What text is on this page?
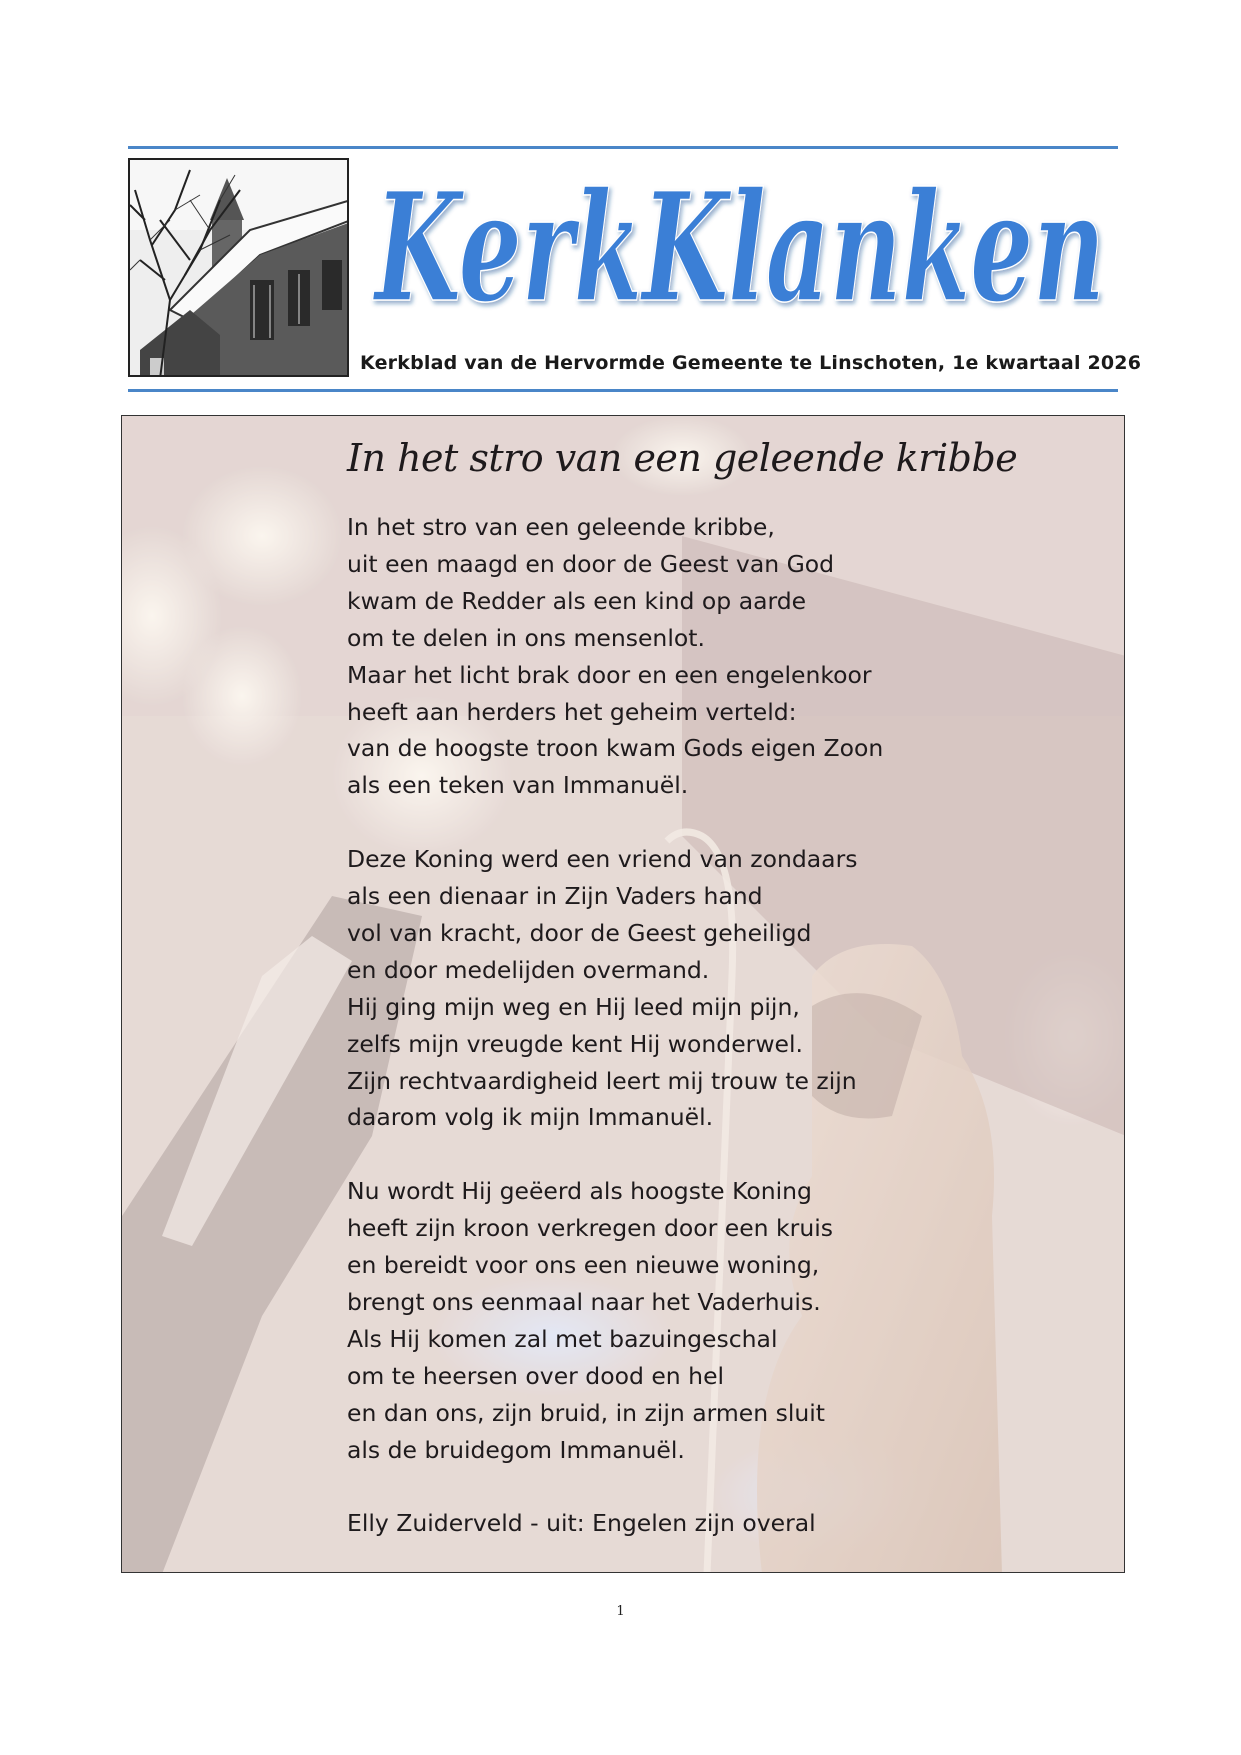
KerkKlanken
Kerkblad van de Hervormde Gemeente te Linschoten, 1e kwartaal 2026
In het stro van een geleende kribbe
In het stro van een geleende kribbe,
uit een maagd en door de Geest van God
kwam de Redder als een kind op aarde
om te delen in ons mensenlot.
Maar het licht brak door en een engelenkoor
heeft aan herders het geheim verteld:
van de hoogste troon kwam Gods eigen Zoon
als een teken van Immanuël.
Deze Koning werd een vriend van zondaars
als een dienaar in Zijn Vaders hand
vol van kracht, door de Geest geheiligd
en door medelijden overmand.
Hij ging mijn weg en Hij leed mijn pijn,
zelfs mijn vreugde kent Hij wonderwel.
Zijn rechtvaardigheid leert mij trouw te zijn
daarom volg ik mijn Immanuël.
Nu wordt Hij geëerd als hoogste Koning
heeft zijn kroon verkregen door een kruis
en bereidt voor ons een nieuwe woning,
brengt ons eenmaal naar het Vaderhuis.
Als Hij komen zal met bazuingeschal
om te heersen over dood en hel
en dan ons, zijn bruid, in zijn armen sluit
als de bruidegom Immanuël.
Elly Zuiderveld - uit: Engelen zijn overal
1
